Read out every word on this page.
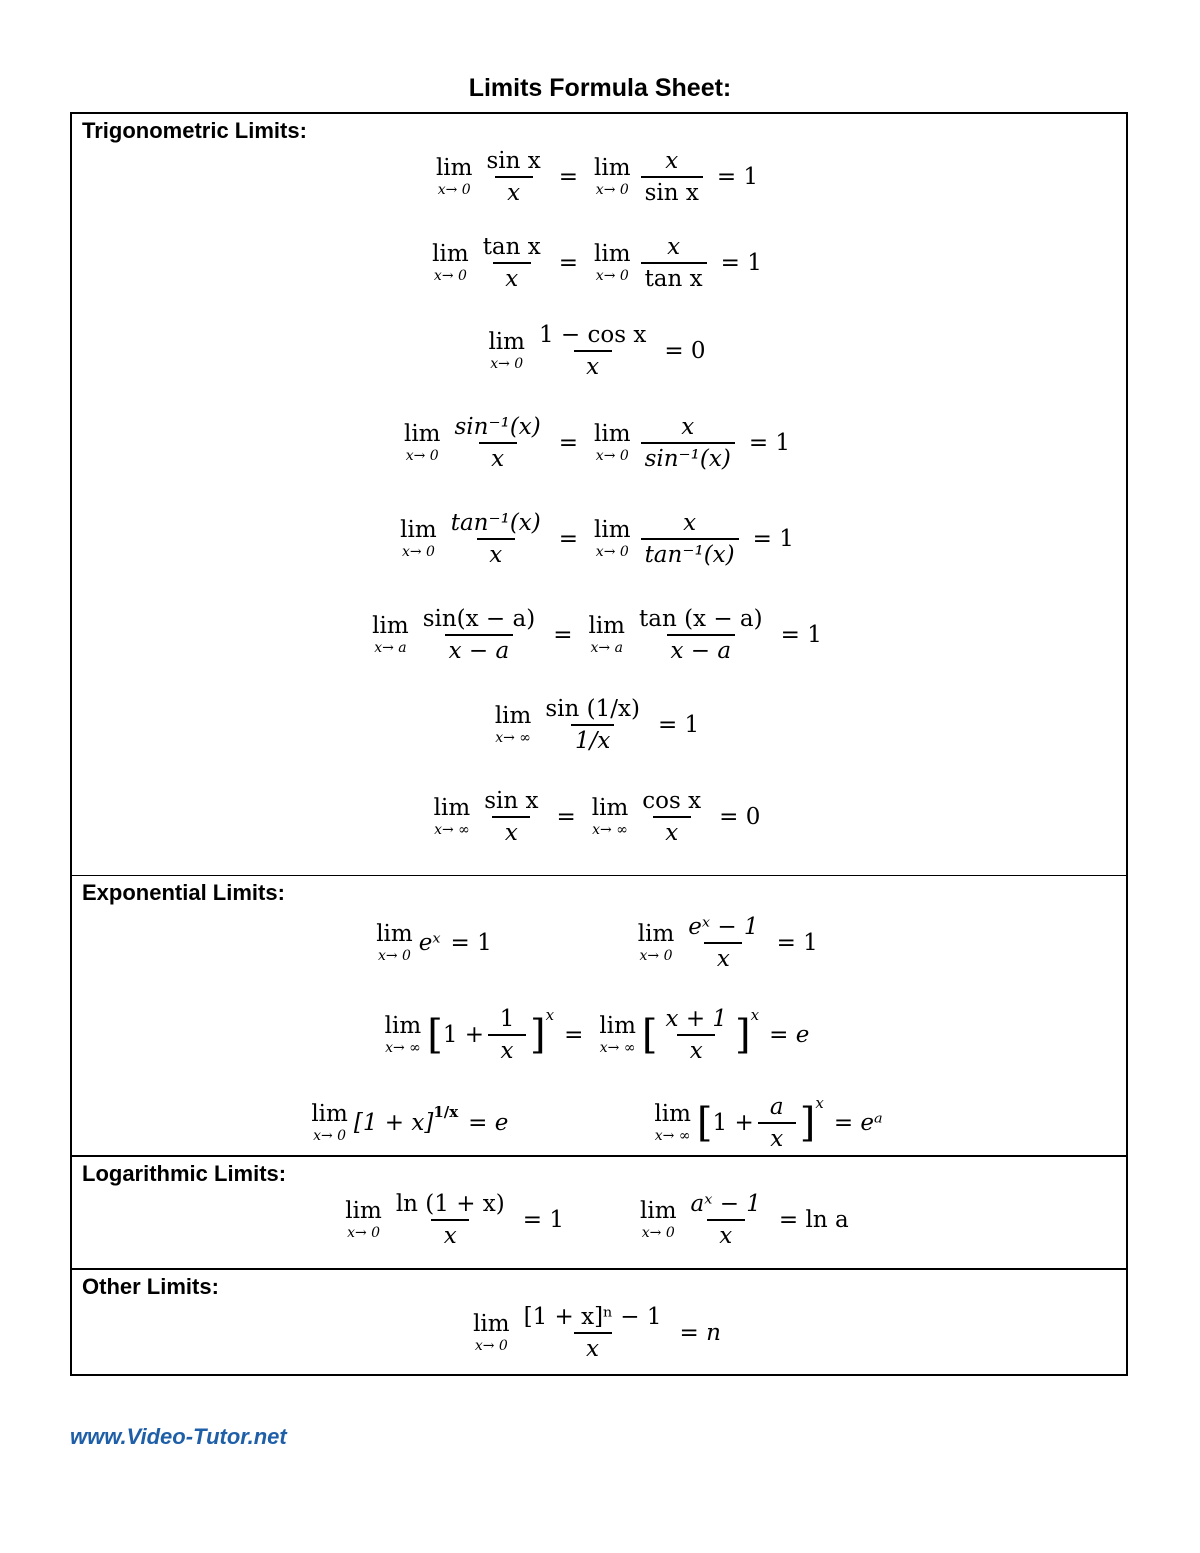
Limits Formula Sheet:
Trigonometric Limits:
lim
$x\to 0 \frac{\text{sin x}}{x} = \lim$
$x\to 0 \frac{x}{\text{sin x}} = 1$
lim
$x\to 0 \frac{\text{tan x}}{x} = \lim$
$x\to 0 \frac{x}{\text{tan x}} = 1$
lim
$x\to 0 \frac{\text{1 − cos x}}{x} = 0$
lim
$x\to 0 \frac{\text{sin⁻¹(x)}}{x} = \lim$
$x\to 0 \frac{x}{\text{sin⁻¹(x)}} = 1$
lim
$x\to 0 \frac{\text{tan⁻¹(x)}}{x} = \lim$
$x\to 0 \frac{x}{\text{tan⁻¹(x)}} = 1$
lim
x→ a $\frac{\sin(x - a)}{x - a} = \lim$
x→ a $\frac{\tan (x - a)}{x - a} = 1$
lim
x→ ∞ $\frac{\sin (1/x)}{1/x} = 1$
lim
x→ ∞ $\frac{\text{sin x}}{x} = \lim$
x→ ∞ $\frac{\text{cos x}}{x} = 0$
Exponential Limits:
lim
x→ 0 eˣ = 1	lim
$x\to 0 \frac{\text{eˣ − 1}}{x} = 1$
lim
x→ ∞ [ $1 + \frac{1}{x} ]^x$
= lim
x→ ∞ [ $\frac{x + 1}{x} ]^x$
= e
lim
x→ 0 $[1 + x]^{1/x} = e$	lim
x→ ∞ [ $1 + \frac{a}{x} ]^x$
= eᵃ
Logarithmic Limits:
lim
$x\to 0 \frac{\ln (1 + x)}{x} = 1$	lim
$x\to 0 \frac{\text{aˣ − 1}}{x} = \ln a$
Other Limits:
lim
$x\to 0 \frac{\text{[1 + x]ⁿ − 1}}{x} = n$
www.Video-Tutor.net
